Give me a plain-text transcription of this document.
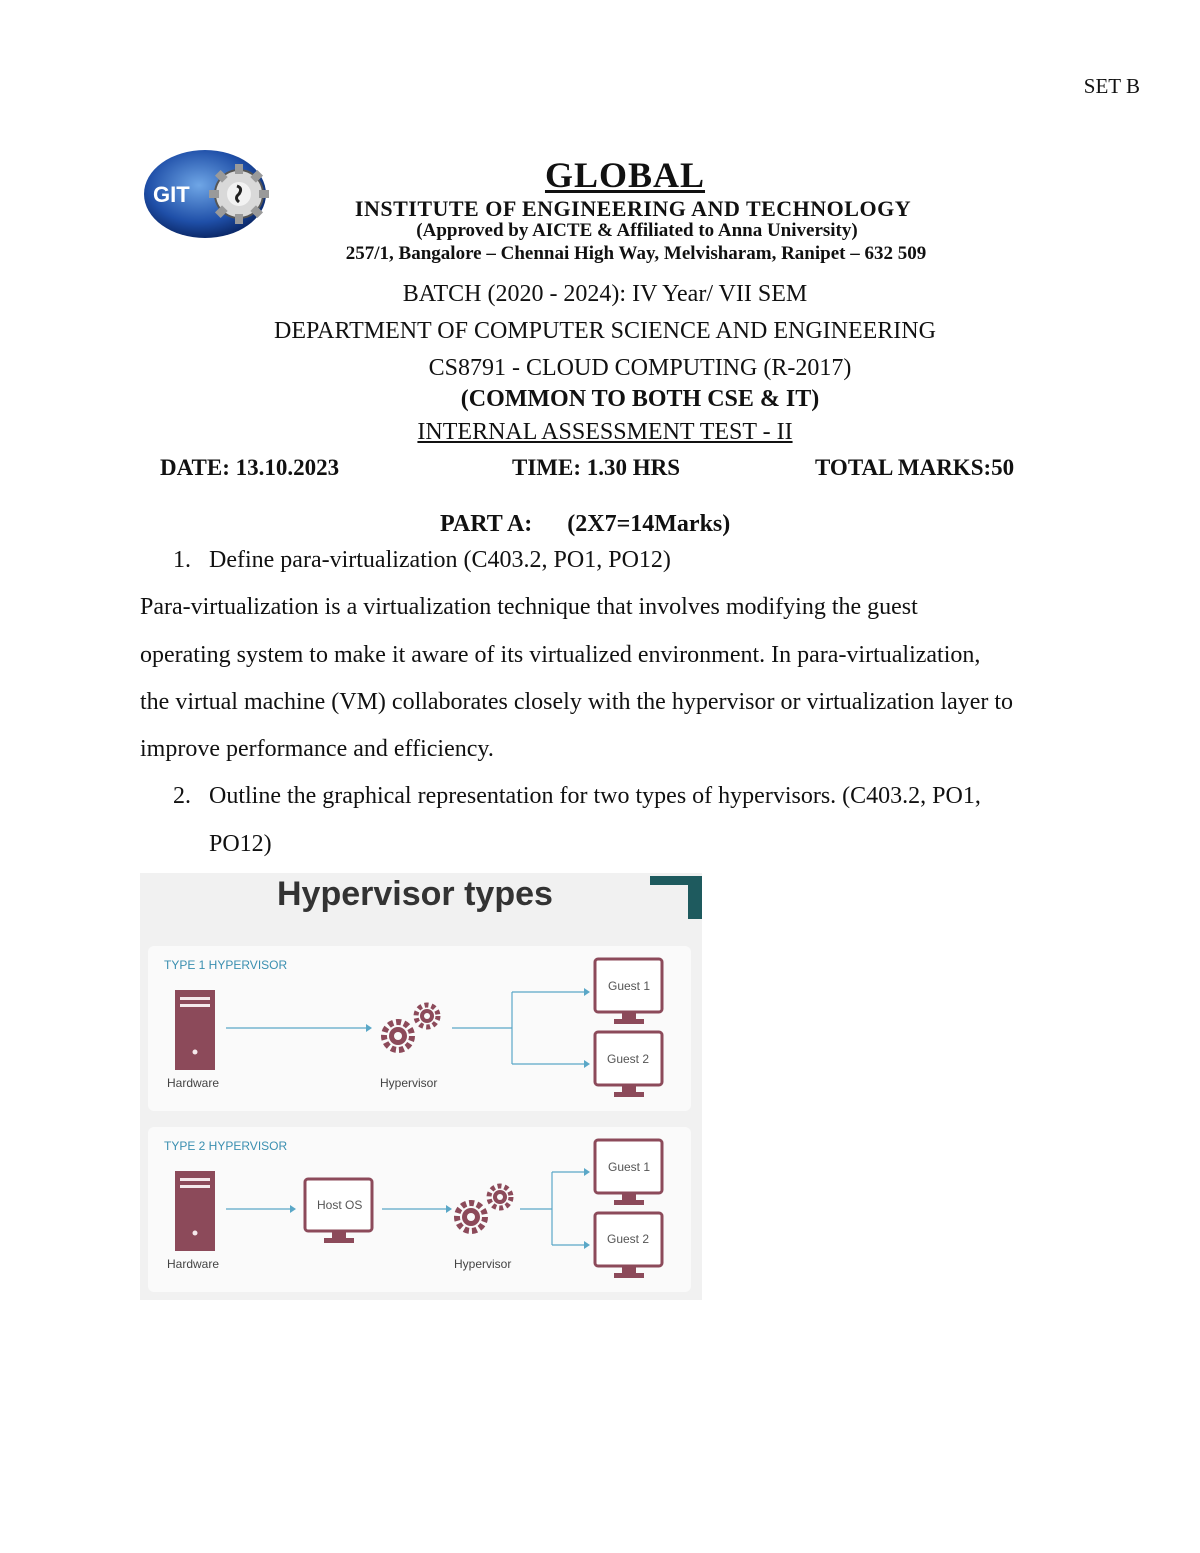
SET B
GIT	GLOBAL
INSTITUTE OF ENGINEERING AND TECHNOLOGY
(Approved by AICTE & Affiliated to Anna University)
257/1, Bangalore – Chennai High Way, Melvisharam, Ranipet – 632 509
BATCH (2020 - 2024): IV Year/ VII SEM
DEPARTMENT OF COMPUTER SCIENCE AND ENGINEERING
CS8791 - CLOUD COMPUTING (R-2017)
(COMMON TO BOTH CSE & IT)
INTERNAL ASSESSMENT TEST - II
DATE: 13.10.2023	TIME: 1.30 HRS	TOTAL MARKS:50
PART A: (2X7=14Marks)
1. Define para-virtualization (C403.2, PO1, PO12)
Para-virtualization is a virtualization technique that involves modifying the guest
operating system to make it aware of its virtualized environment. In para-virtualization,
the virtual machine (VM) collaborates closely with the hypervisor or virtualization layer to
improve performance and efficiency.
2. Outline the graphical representation for two types of hypervisors. (C403.2, PO1,
PO12)
Hypervisor types
TYPE 1 HYPERVISOR
Hardware	Hypervisor
Guest 1
Guest 2
TYPE 2 HYPERVISOR
Hardware
Host OS
Hypervisor
Guest 1
Guest 2
